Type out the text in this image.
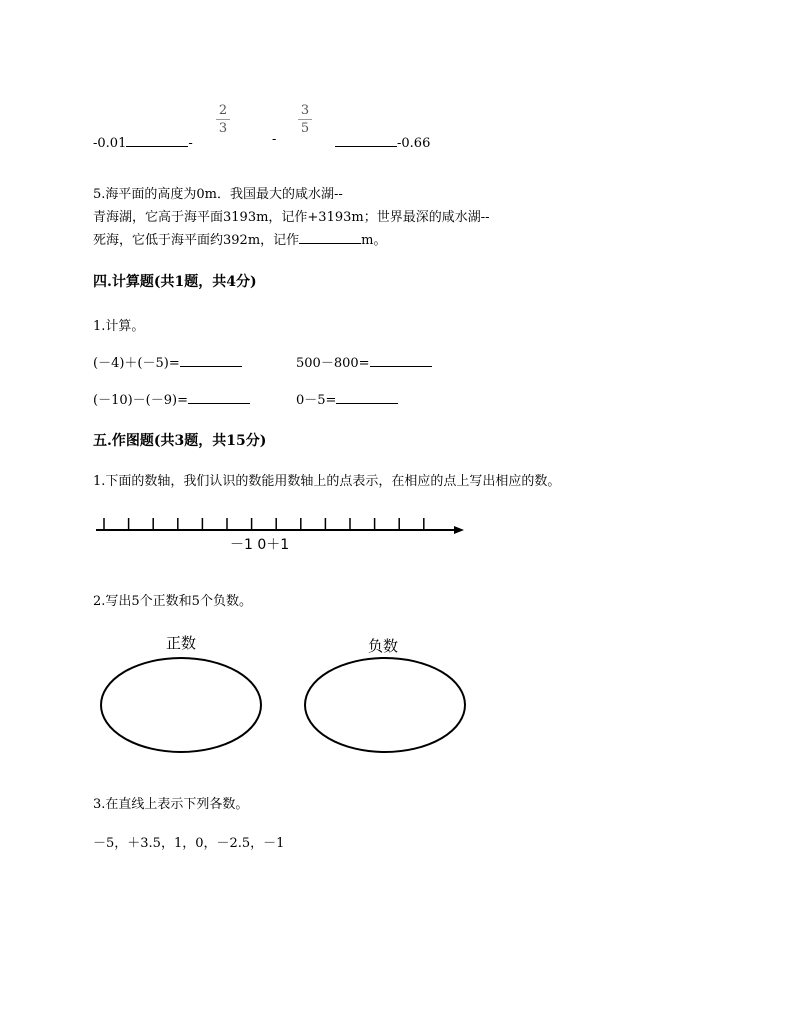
2
3
3
5
-0.01	-	-	-0.66
5.海平面的高度为0m．我国最大的咸水湖--
青海湖，它高于海平面3193m，记作+3193m；世界最深的咸水湖--
死海，它低于海平面约392m，记作	m。
四.计算题(共1题，共4分)
1.计算。
(－4)＋(－5)=	500－800=
(－10)－(－9)=	0－5=
五.作图题(共3题，共15分)
1.下面的数轴，我们认识的数能用数轴上的点表示，在相应的点上写出相应的数。
－1 0＋1
2.写出5个正数和5个负数。
正数	负数
3.在直线上表示下列各数。
－5，＋3.5，1，0，－2.5，－1
